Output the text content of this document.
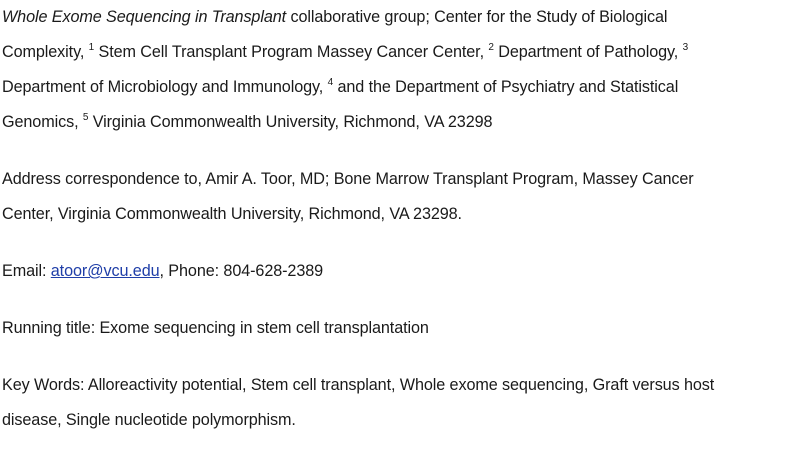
Whole Exome Sequencing in Transplant collaborative group; Center for the Study of Biological
Complexity, $^1$ Stem Cell Transplant Program Massey Cancer Center, $^2$ Department of Pathology, $^3$
Department of Microbiology and Immunology, $^4$ and the Department of Psychiatry and Statistical
Genomics, $^5$ Virginia Commonwealth University, Richmond, VA 23298
Address correspondence to, Amir A. Toor, MD; Bone Marrow Transplant Program, Massey Cancer
Center, Virginia Commonwealth University, Richmond, VA 23298.
Email: atoor@vcu.edu, Phone: 804-628-2389
Running title: Exome sequencing in stem cell transplantation
Key Words: Alloreactivity potential, Stem cell transplant, Whole exome sequencing, Graft versus host
disease, Single nucleotide polymorphism.
